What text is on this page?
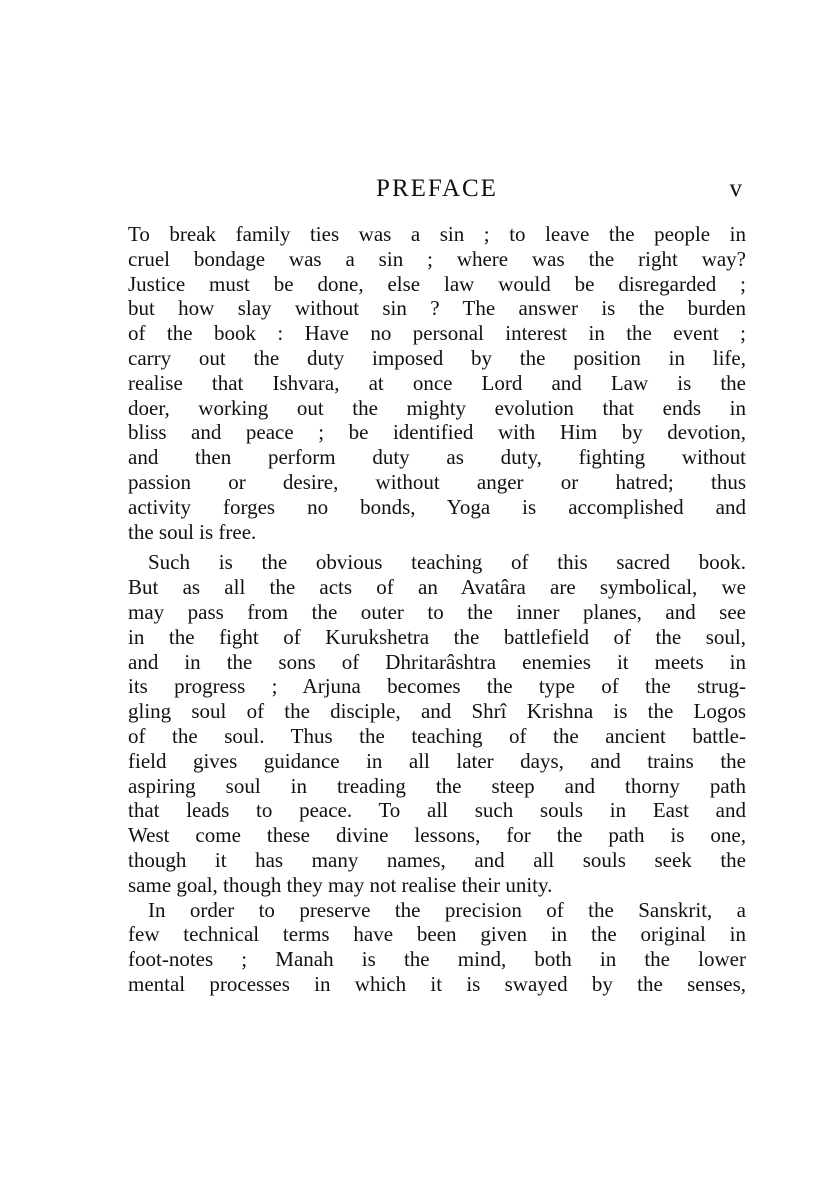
PREFACE	v
To break family ties was a sin ; to leave the people in
cruel bondage was a sin ; where was the right way?
Justice must be done, else law would be disregarded ;
but how slay without sin ? The answer is the burden
of the book : Have no personal interest in the event ;
carry out the duty imposed by the position in life,
realise that Ishvara, at once Lord and Law is the
doer, working out the mighty evolution that ends in
bliss and peace ; be identified with Him by devotion,
and then perform duty as duty, fighting without
passion or desire, without anger or hatred; thus
activity forges no bonds, Yoga is accomplished and
the soul is free.
Such is the obvious teaching of this sacred book.
But as all the acts of an Avatâra are symbolical, we
may pass from the outer to the inner planes, and see
in the fight of Kurukshetra the battlefield of the soul,
and in the sons of Dhritarâshtra enemies it meets in
its progress ; Arjuna becomes the type of the strug-
gling soul of the disciple, and Shrî Krishna is the Logos
of the soul. Thus the teaching of the ancient battle-
field gives guidance in all later days, and trains the
aspiring soul in treading the steep and thorny path
that leads to peace. To all such souls in East and
West come these divine lessons, for the path is one,
though it has many names, and all souls seek the
same goal, though they may not realise their unity.
In order to preserve the precision of the Sanskrit, a
few technical terms have been given in the original in
foot-notes ; Manah is the mind, both in the lower
mental processes in which it is swayed by the senses,
